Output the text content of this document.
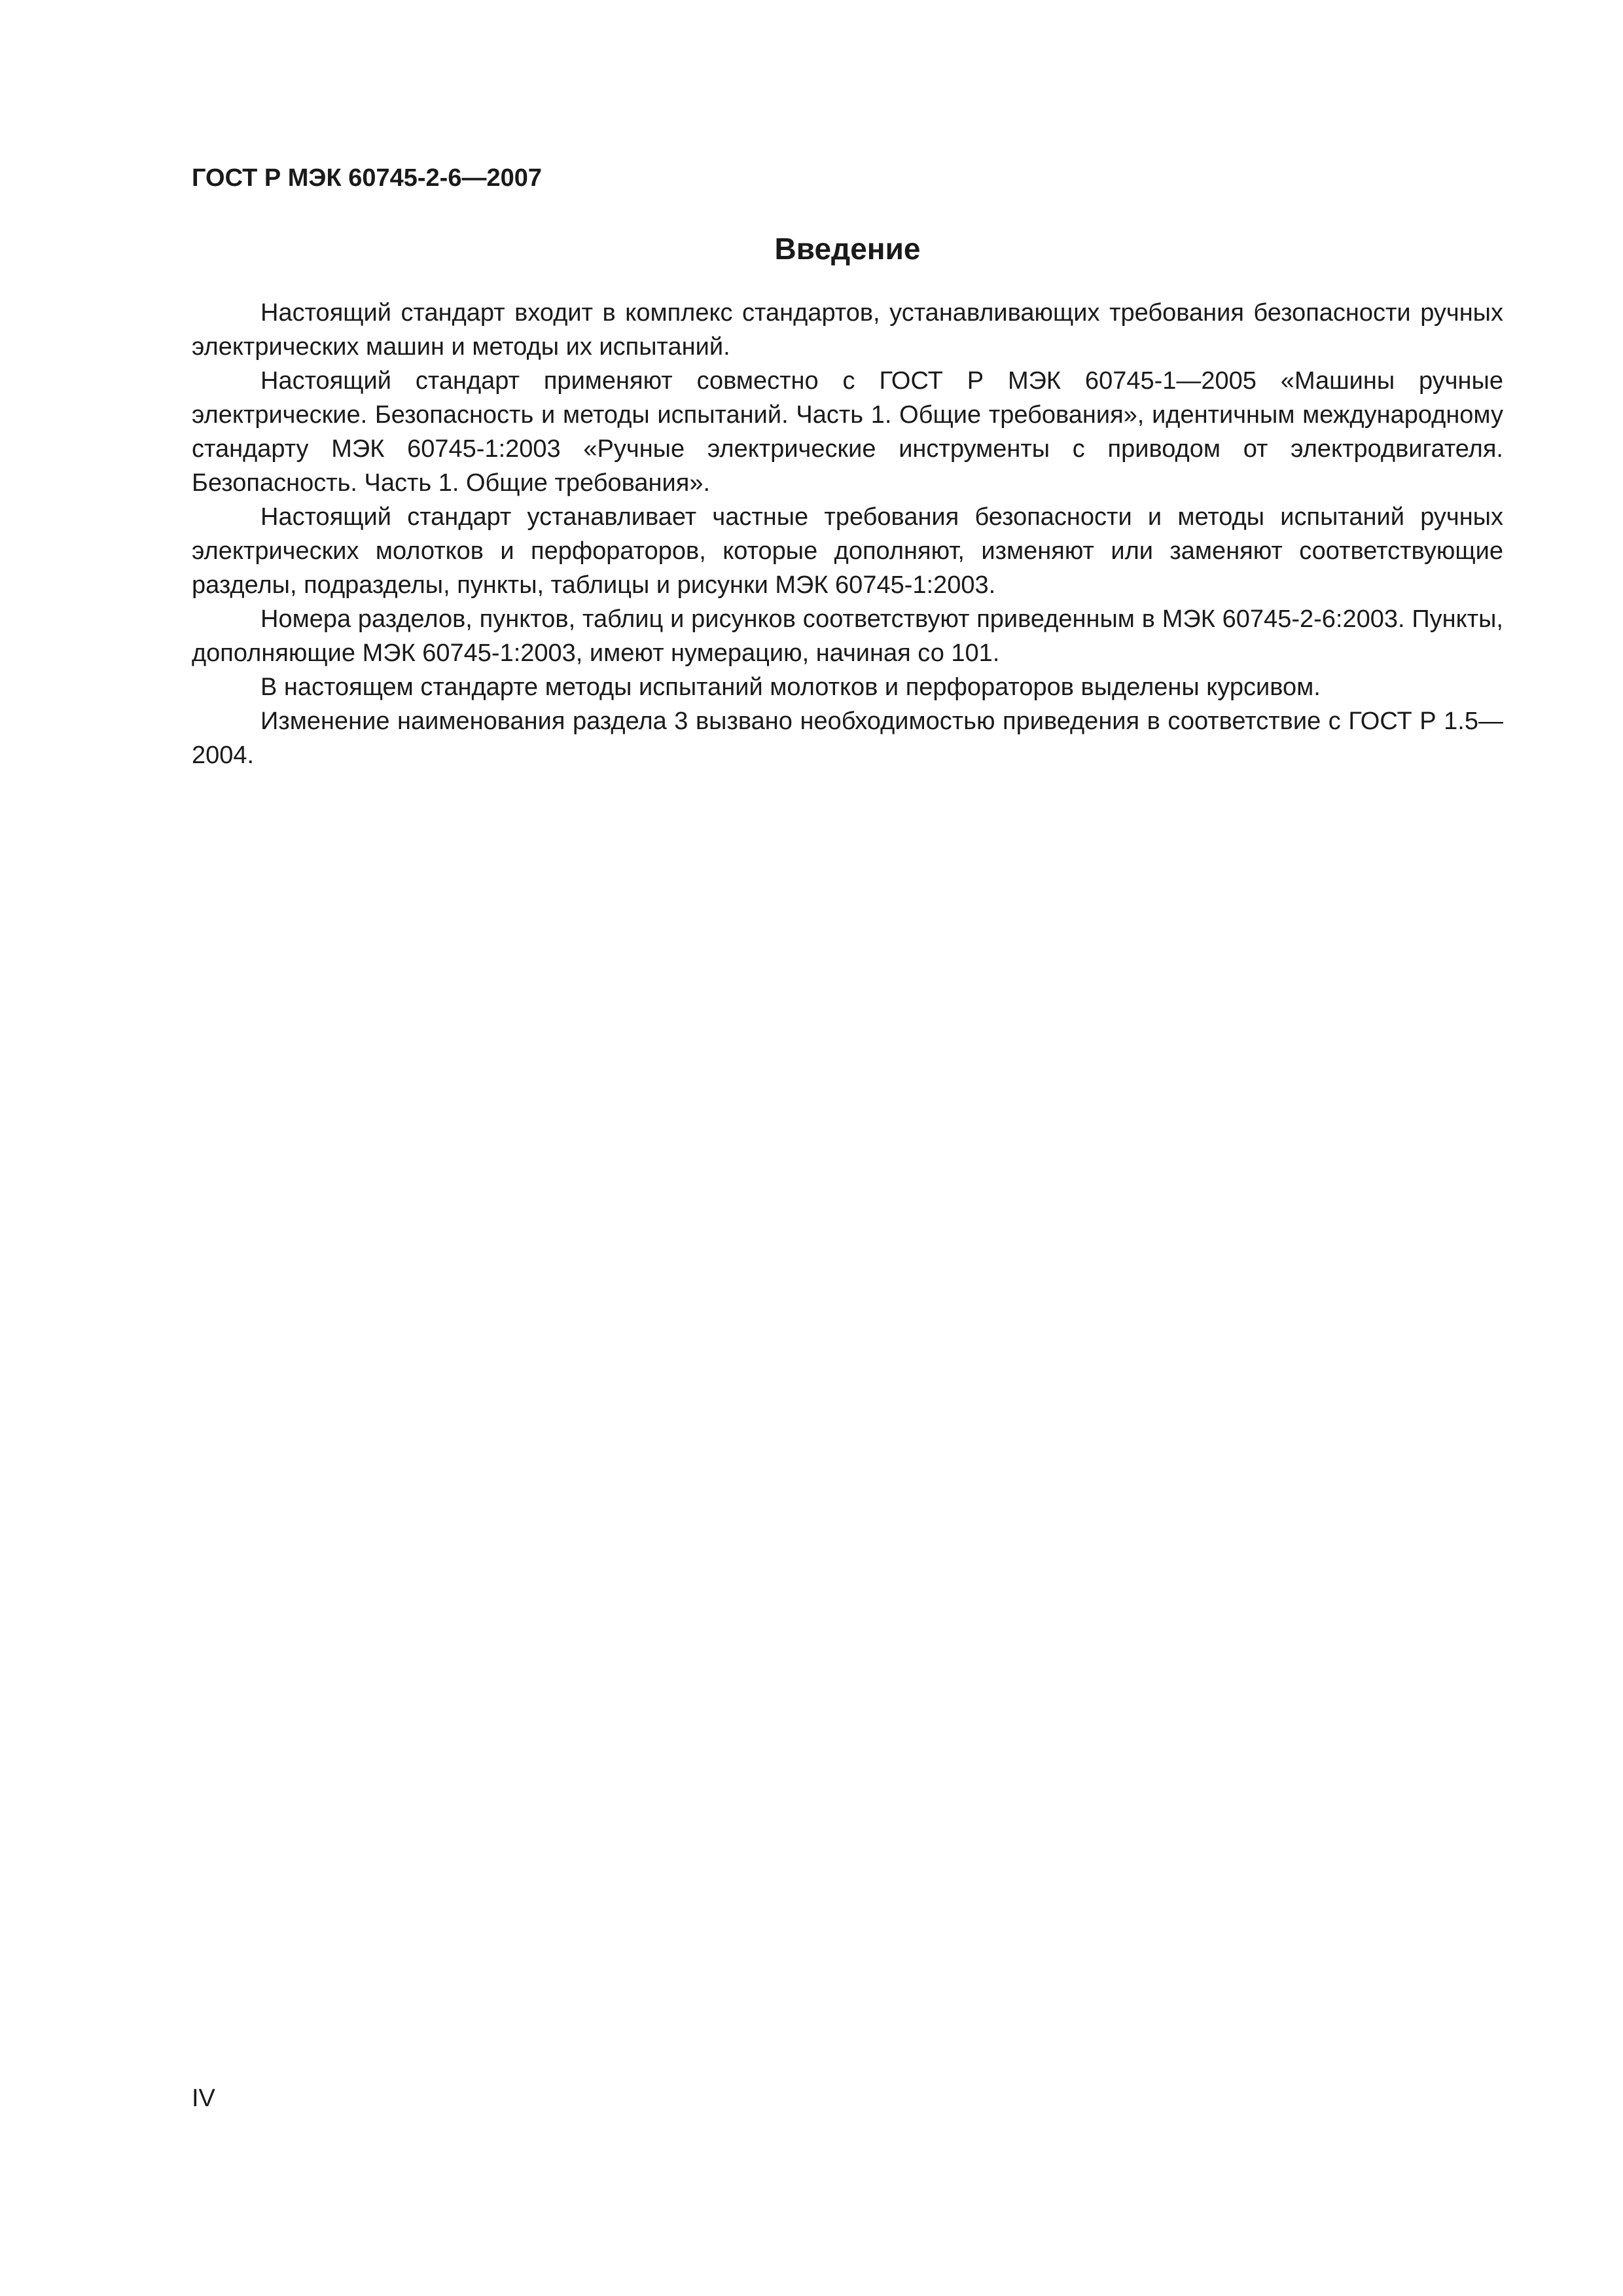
ГОСТ Р МЭК 60745-2-6—2007
Введение

Настоящий стандарт входит в комплекс стандартов, устанавливающих требования безопасности ручных электрических машин и методы их испытаний.

Настоящий стандарт применяют совместно с ГОСТ Р МЭК 60745-1—2005 «Машины ручные электрические. Безопасность и методы испытаний. Часть 1. Общие требования», идентичным международному стандарту МЭК 60745-1:2003 «Ручные электрические инструменты с приводом от электродвигателя. Безопасность. Часть 1. Общие требования».

Настоящий стандарт устанавливает частные требования безопасности и методы испытаний ручных электрических молотков и перфораторов, которые дополняют, изменяют или заменяют соответствующие разделы, подразделы, пункты, таблицы и рисунки МЭК 60745-1:2003.

Номера разделов, пунктов, таблиц и рисунков соответствуют приведенным в МЭК 60745-2-6:2003. Пункты, дополняющие МЭК 60745-1:2003, имеют нумерацию, начиная со 101.

В настоящем стандарте методы испытаний молотков и перфораторов выделены курсивом.

Изменение наименования раздела 3 вызвано необходимостью приведения в соответствие с ГОСТ Р 1.5—2004.

IV
